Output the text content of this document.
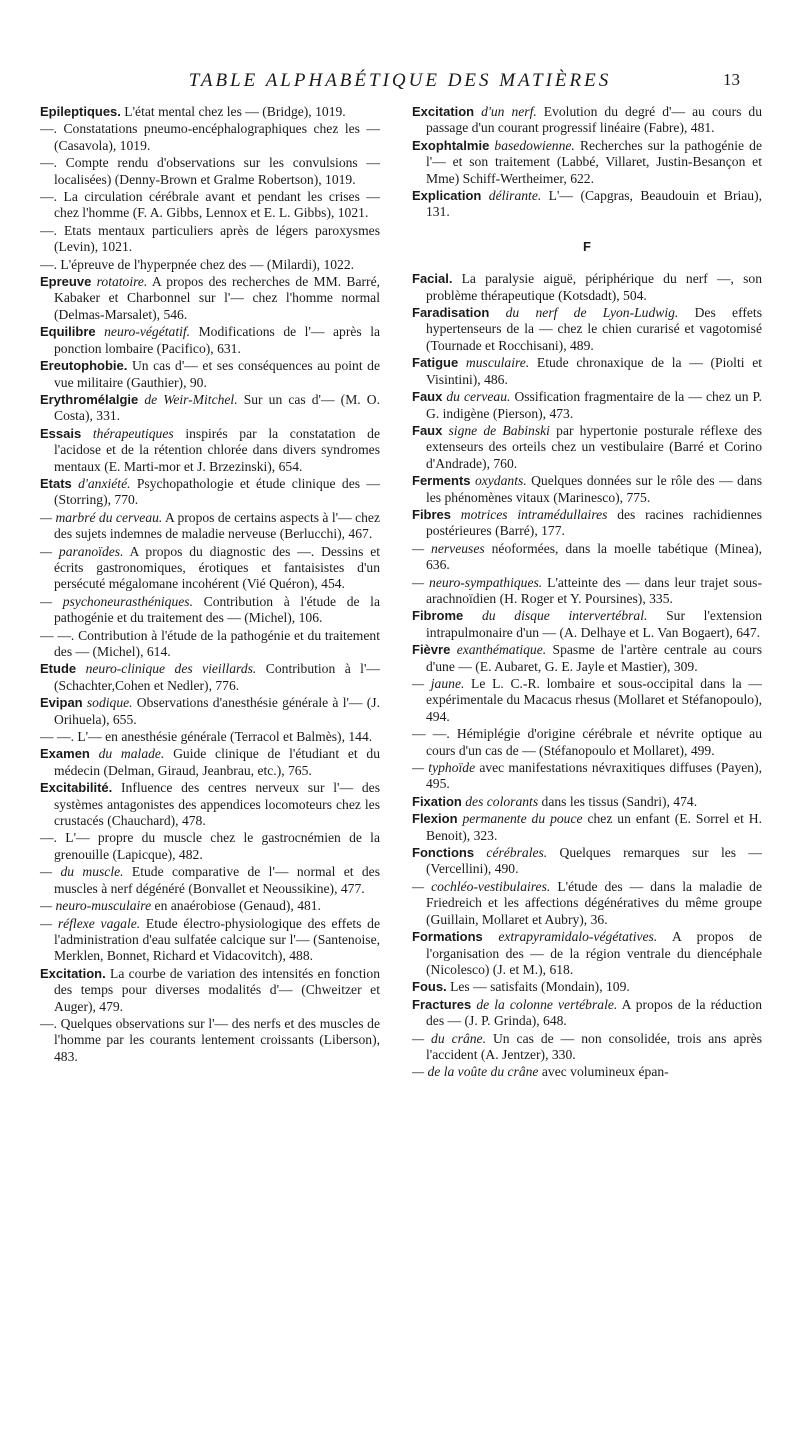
TABLE ALPHABÉTIQUE DES MATIÈRES	13

Epileptiques. L'état mental chez les — (Bridge), 1019.

—. Constatations pneumo-encéphalographiques chez les — (Casavola), 1019.

—. Compte rendu d'observations sur les convulsions — localisées) (Denny-Brown et Gralme Robertson), 1019.

—. La circulation cérébrale avant et pendant les crises — chez l'homme (F. A. Gibbs, Lennox et E. L. Gibbs), 1021.

—. Etats mentaux particuliers après de légers paroxysmes (Levin), 1021.

—. L'épreuve de l'hyperpnée chez des — (Milardi), 1022.

Epreuve rotatoire. A propos des recherches de MM. Barré, Kabaker et Charbonnel sur l'— chez l'homme normal (Delmas-Marsalet), 546.

Equilibre neuro-végétatif. Modifications de l'— après la ponction lombaire (Pacifico), 631.

Ereutophobie. Un cas d'— et ses conséquences au point de vue militaire (Gauthier), 90.

Erythromélalgie de Weir-Mitchel. Sur un cas d'— (M. O. Costa), 331.

Essais thérapeutiques inspirés par la constatation de l'acidose et de la rétention chlorée dans divers syndromes mentaux (E. Marti-mor et J. Brzezinski), 654.

Etats d'anxiété. Psychopathologie et étude clinique des — (Storring), 770.

— marbré du cerveau. A propos de certains aspects à l'— chez des sujets indemnes de maladie nerveuse (Berlucchi), 467.

— paranoïdes. A propos du diagnostic des —. Dessins et écrits gastronomiques, érotiques et fantaisistes d'un persécuté mégalomane incohérent (Vié Quéron), 454.

— psychoneurasthéniques. Contribution à l'étude de la pathogénie et du traitement des — (Michel), 106.

— —. Contribution à l'étude de la pathogénie et du traitement des — (Michel), 614.

Etude neuro-clinique des vieillards. Contribution à l'—(Schachter,Cohen et Nedler), 776.

Evipan sodique. Observations d'anesthésie générale à l'— (J. Orihuela), 655.

— —. L'— en anesthésie générale (Terracol et Balmès), 144.

Examen du malade. Guide clinique de l'étudiant et du médecin (Delman, Giraud, Jeanbrau, etc.), 765.

Excitabilité. Influence des centres nerveux sur l'— des systèmes antagonistes des appendices locomoteurs chez les crustacés (Chauchard), 478.

—. L'— propre du muscle chez le gastrocnémien de la grenouille (Lapicque), 482.

— du muscle. Etude comparative de l'— normal et des muscles à nerf dégénéré (Bonvallet et Neoussikine), 477.

— neuro-musculaire en anaérobiose (Genaud), 481.

— réflexe vagale. Etude électro-physiologique des effets de l'administration d'eau sulfatée calcique sur l'— (Santenoise, Merklen, Bonnet, Richard et Vidacovitch), 488.

Excitation. La courbe de variation des intensités en fonction des temps pour diverses modalités d'— (Chweitzer et Auger), 479.

—. Quelques observations sur l'— des nerfs et des muscles de l'homme par les courants lentement croissants (Liberson), 483.

Excitation d'un nerf. Evolution du degré d'— au cours du passage d'un courant progressif linéaire (Fabre), 481.

Exophtalmie basedowienne. Recherches sur la pathogénie de l'— et son traitement (Labbé, Villaret, Justin-Besançon et Mme) Schiff-Wertheimer, 622.

Explication délirante. L'— (Capgras, Beaudouin et Briau), 131.

F

Facial. La paralysie aiguë, périphérique du nerf —, son problème thérapeutique (Kotsdadt), 504.

Faradisation du nerf de Lyon-Ludwig. Des effets hypertenseurs de la — chez le chien curarisé et vagotomisé (Tournade et Rocchisani), 489.

Fatigue musculaire. Etude chronaxique de la — (Piolti et Visintini), 486.

Faux du cerveau. Ossification fragmentaire de la — chez un P. G. indigène (Pierson), 473.

Faux signe de Babinski par hypertonie posturale réflexe des extenseurs des orteils chez un vestibulaire (Barré et Corino d'Andrade), 760.

Ferments oxydants. Quelques données sur le rôle des — dans les phénomènes vitaux (Marinesco), 775.

Fibres motrices intramédullaires des racines rachidiennes postérieures (Barré), 177.

— nerveuses néoformées, dans la moelle tabétique (Minea), 636.

— neuro-sympathiques. L'atteinte des — dans leur trajet sous-arachnoïdien (H. Roger et Y. Poursines), 335.

Fibrome du disque intervertébral. Sur l'extension intrapulmonaire d'un — (A. Delhaye et L. Van Bogaert), 647.

Fièvre exanthématique. Spasme de l'artère centrale au cours d'une — (E. Aubaret, G. E. Jayle et Mastier), 309.

— jaune. Le L. C.-R. lombaire et sous-occipital dans la — expérimentale du Macacus rhesus (Mollaret et Stéfanopoulo), 494.

— —. Hémiplégie d'origine cérébrale et névrite optique au cours d'un cas de — (Stéfanopoulo et Mollaret), 499.

— typhoïde avec manifestations névraxitiques diffuses (Payen), 495.

Fixation des colorants dans les tissus (Sandri), 474.

Flexion permanente du pouce chez un enfant (E. Sorrel et H. Benoit), 323.

Fonctions cérébrales. Quelques remarques sur les — (Vercellini), 490.

— cochléo-vestibulaires. L'étude des — dans la maladie de Friedreich et les affections dégénératives du même groupe (Guillain, Mollaret et Aubry), 36.

Formations extrapyramidalo-végétatives. A propos de l'organisation des — de la région ventrale du diencéphale (Nicolesco) (J. et M.), 618.

Fous. Les — satisfaits (Mondain), 109.

Fractures de la colonne vertébrale. A propos de la réduction des — (J. P. Grinda), 648.

— du crâne. Un cas de — non consolidée, trois ans après l'accident (A. Jentzer), 330.

— de la voûte du crâne avec volumineux épan-
